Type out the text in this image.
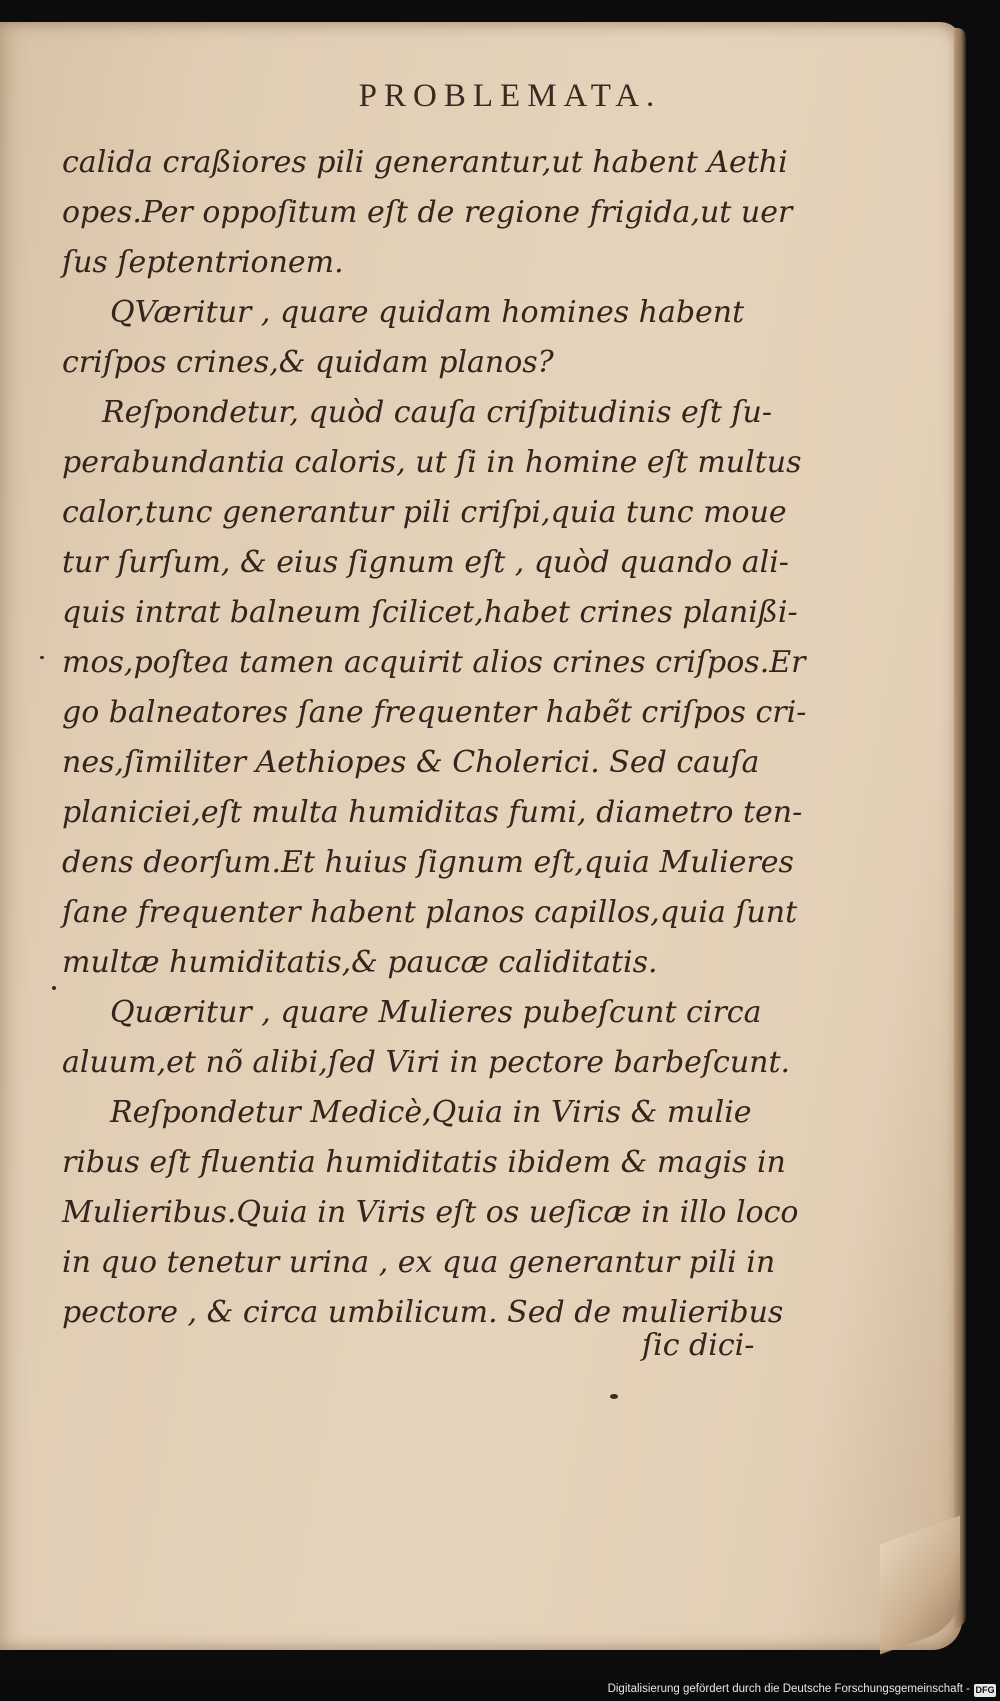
PROBLEMATA.
calida craßiores pili generantur,ut habent Aethi
opes.Per oppoſitum eſt de regione frigida,ut uer
ſus ſeptentrionem.
QVæritur , quare quidam homines habent
criſpos crines,& quidam planos?
Reſpondetur, quòd cauſa criſpitudinis eſt ſu-
perabundantia caloris, ut ſi in homine eſt multus
calor,tunc generantur pili criſpi,quia tunc moue
tur ſurſum, & eius ſignum eſt , quòd quando ali-
quis intrat balneum ſcilicet,habet crines planißi-
mos,poſtea tamen acquirit alios crines criſpos.Er
go balneatores ſane frequenter habẽt criſpos cri-
nes,ſimiliter Aethiopes & Cholerici. Sed cauſa
planiciei,eſt multa humiditas fumi, diametro ten-
dens deorſum.Et huius ſignum eſt,quia Mulieres
ſane frequenter habent planos capillos,quia ſunt
multæ humiditatis,& paucæ caliditatis.
Quæritur , quare Mulieres pubeſcunt circa
aluum,et nõ alibi,ſed Viri in pectore barbeſcunt.
Reſpondetur Medicè,Quia in Viris & mulie
ribus eſt fluentia humiditatis ibidem & magis in
Mulieribus.Quia in Viris eſt os ueſicæ in illo loco
in quo tenetur urina , ex qua generantur pili in
pectore , & circa umbilicum. Sed de mulieribus
ſic dici-
Digitalisierung gefördert durch die Deutsche Forschungsgemeinschaft - DFG
